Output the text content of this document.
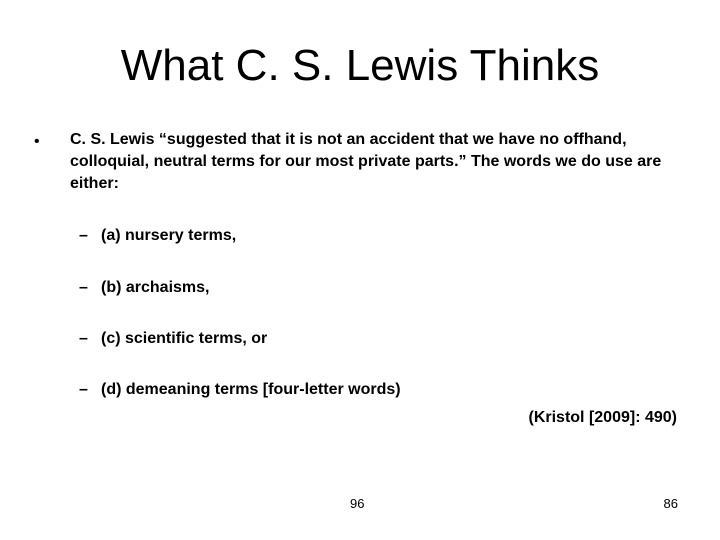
What C. S. Lewis Thinks
• C. S. Lewis “suggested that it is not an accident that we have no offhand, colloquial, neutral terms for our most private parts.” The words we do use are either:
– (a) nursery terms,
– (b) archaisms,
– (c) scientific terms, or
– (d) demeaning terms [four-letter words)
(Kristol [2009]: 490)
96	86
